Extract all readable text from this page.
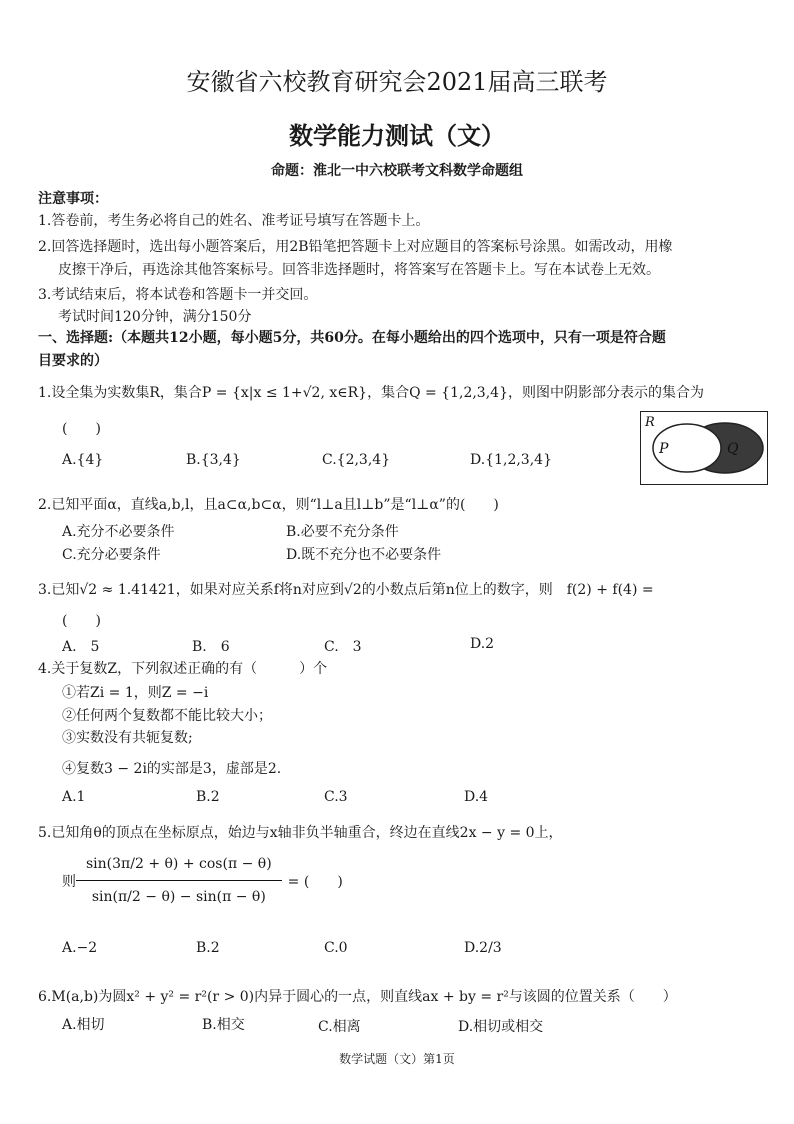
安徽省六校教育研究会2021届高三联考
数学能力测试（文）
命题：淮北一中六校联考文科数学命题组
注意事项：
1.答卷前，考生务必将自己的姓名、准考证号填写在答题卡上。
2.回答选择题时，选出每小题答案后，用2B铅笔把答题卡上对应题目的答案标号涂黑。如需改动，用橡
皮擦干净后，再选涂其他答案标号。回答非选择题时，将答案写在答题卡上。写在本试卷上无效。
3.考试结束后，将本试卷和答题卡一并交回。
考试时间120分钟，满分150分
一、选择题:（本题共12小题，每小题5分，共60分。在每小题给出的四个选项中，只有一项是符合题
目要求的）
1.设全集为实数集R，集合P = {x|x ≤ 1+√2, x∈R}，集合Q = {1,2,3,4}，则图中阴影部分表示的集合为
(　　)
A.{4}	B.{3,4}	C.{2,3,4}	D.{1,2,3,4}
R
P	Q
2.已知平面α，直线a,b,l，且a⊂α,b⊂α，则“l⊥a且l⊥b”是“l⊥α”的(　　)
A.充分不必要条件	B.必要不充分条件
C.充分必要条件	D.既不充分也不必要条件
3.已知√2 ≈ 1.41421，如果对应关系f将n对应到√2的小数点后第n位上的数字，则　f(2) + f(4) =
(　　)
A.　5	B.　6	C.　3	D.2
4.关于复数Z，下列叙述正确的有（　　　）个
①若Zi = 1，则Z = −i
②任何两个复数都不能比较大小；
③实数没有共轭复数;
④复数3 − 2i的实部是3，虚部是2.
A.1	B.2	C.3	D.4
5.已知角θ的顶点在坐标原点，始边与x轴非负半轴重合，终边在直线2x − y = 0上，
则 $\frac{\sin(3\pi/2 + \theta) + \cos(\pi - \theta)}{\sin(\pi/2 - \theta) - \sin(\pi - \theta)}$ = (　　)
A.−2	B.2	C.0	D.2/3
6.M(a,b)为圆x² + y² = r²(r > 0)内异于圆心的一点，则直线ax + by = r²与该圆的位置关系（　　）
A.相切	B.相交	C.相离	D.相切或相交
数学试题（文）第1页
